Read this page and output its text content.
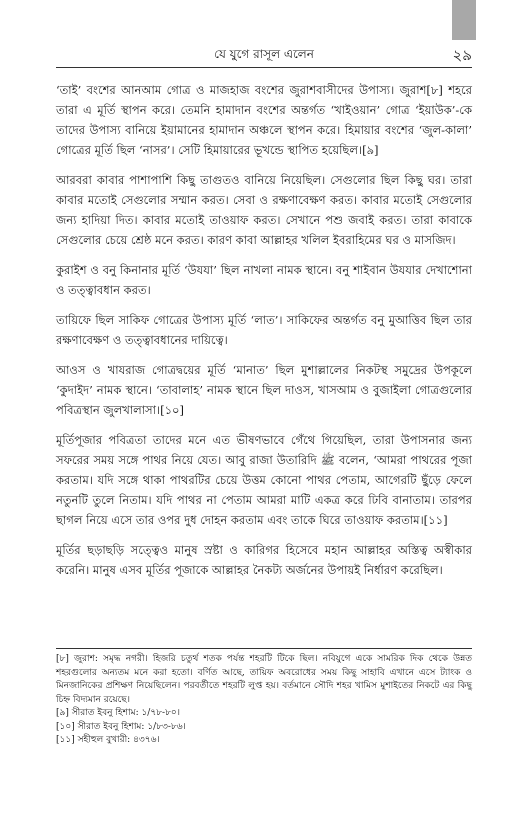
যে যুগে রাসূল এলেন	২৯

‘তাই’ বংশের আনআম গোত্র ও মাজহাজ বংশের জুরাশবাসীদের উপাস্য। জুরাশ[৮] শহরে তারা এ মূর্তি স্থাপন করে। তেমনি হামাদান বংশের অন্তর্গত ‘খাইওয়ান’ গোত্র ‘ইয়াউক’-কে তাদের উপাস্য বানিয়ে ইয়ামানের হামাদান অঞ্চলে স্থাপন করে। হিমায়ার বংশের ‘জুল-কালা’ গোত্রের মূর্তি ছিল ‘নাসর’। সেটি হিমায়ারের ভূখন্ডে স্থাপিত হয়েছিল।[৯]

আরবরা কাবার পাশাপাশি কিছু তাগুতও বানিয়ে নিয়েছিল। সেগুলোর ছিল কিছু ঘর। তারা কাবার মতোই সেগুলোর সম্মান করত। সেবা ও রক্ষণাবেক্ষণ করত। কাবার মতোই সেগুলোর জন্য হাদিয়া দিত। কাবার মতোই তাওয়াফ করত। সেখানে পশু জবাই করত। তারা কাবাকে সেগুলোর চেয়ে শ্রেষ্ঠ মনে করত। কারণ কাবা আল্লাহর খলিল ইবরাহিমের ঘর ও মাসজিদ।

কুরাইশ ও বনু কিনানার মূর্তি ‘উযযা’ ছিল নাখলা নামক স্থানে। বনু শাইবান উযযার দেখাশোনা ও তত্ত্বাবধান করত।

তায়িফে ছিল সাকিফ গোত্রের উপাস্য মূর্তি ‘লাত’। সাকিফের অন্তর্গত বনু মুআত্তিব ছিল তার রক্ষণাবেক্ষণ ও তত্ত্বাবধানের দায়িত্বে।

আওস ও খাযরাজ গোত্রদ্বয়ের মূর্তি ‘মানাত’ ছিল মুশাল্লালের নিকটস্থ সমুদ্রের উপকূলে ‘কুদাইদ’ নামক স্থানে। ‘তাবালাহ’ নামক স্থানে ছিল দাওস, খাসআম ও বুজাইলা গোত্রগুলোর পবিত্রস্থান জুলখালাসা।[১০]

মূর্তিপূজার পবিত্রতা তাদের মনে এত ভীষণভাবে গেঁথে গিয়েছিল, তারা উপাসনার জন্য সফরের সময় সঙ্গে পাথর নিয়ে যেত। আবু রাজা উতারিদি ﷺ বলেন, ‘আমরা পাথরের পূজা করতাম। যদি সঙ্গে থাকা পাথরটির চেয়ে উত্তম কোনো পাথর পেতাম, আগেরটি ছুঁড়ে ফেলে নতুনটি তুলে নিতাম। যদি পাথর না পেতাম আমরা মাটি একত্র করে ঢিবি বানাতাম। তারপর ছাগল নিয়ে এসে তার ওপর দুধ দোহন করতাম এবং তাকে ঘিরে তাওয়াফ করতাম।[১১]

মূর্তির ছড়াছড়ি সত্ত্বেও মানুষ স্রষ্টা ও কারিগর হিসেবে মহান আল্লাহর অস্তিত্ব অস্বীকার করেনি। মানুষ এসব মূর্তির পূজাকে আল্লাহর নৈকট্য অর্জনের উপায়ই নির্ধারণ করেছিল।

[৮] জুরাশ: সমৃদ্ধ নগরী। হিজরি চতুর্থ শতক পর্যন্ত শহরটি টিকে ছিল। নবিযুগে একে সামরিক দিক থেকে উন্নত শহরগুলোর অন্যতম মনে করা হতো। বর্ণিত আছে, তায়িফ অবরোধের সময় কিছু সাহাবি এখানে এসে ট্যাংক ও মিনজানিকের প্রশিক্ষণ নিয়েছিলেন। পরবর্তীতে শহরটি লুপ্ত হয়। বর্তমানে সৌদি শহর খামিস মুশাইতের নিকটে এর কিছু চিহ্ন বিদ্যমান রয়েছে।

[৯] সীরাত ইবনু হিশাম: ১/৭৮-৮০।

[১০] সীরাত ইবনু হিশাম: ১/৮৩-৮৬।

[১১] সহীহুল বুখারী: ৪৩৭৬।
